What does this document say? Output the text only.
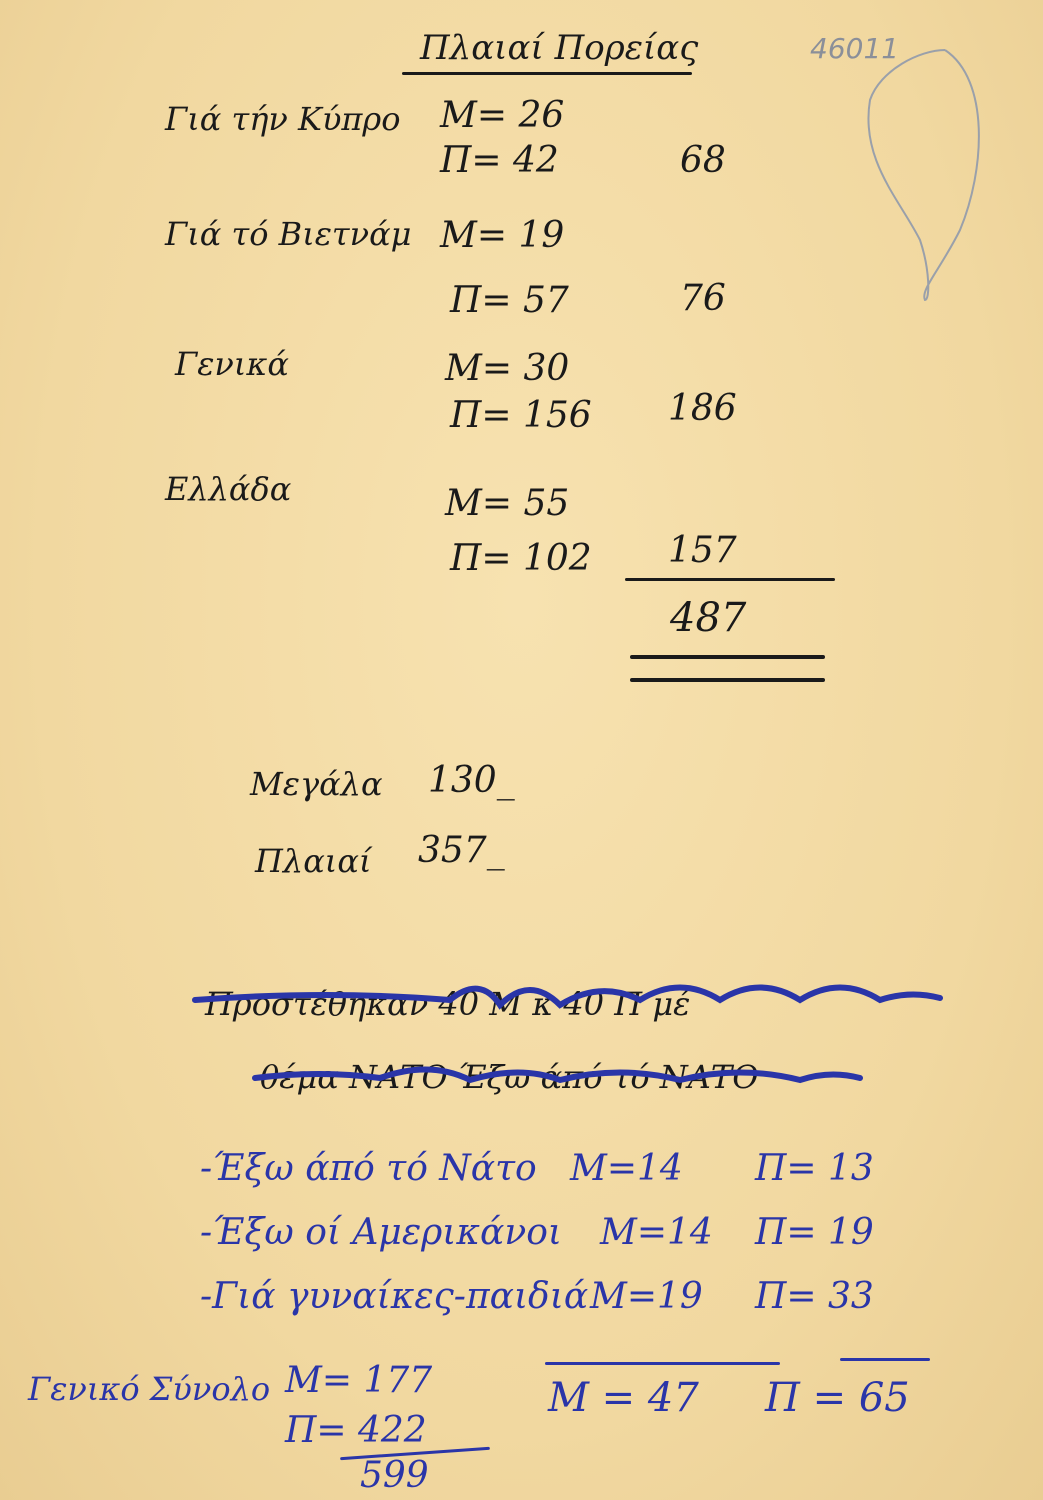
46011
Πλαιαί Πορείας
Γιά τήν Κύπρο Μ= 26
Π= 42	68
Γιά τό Βιετνάμ Μ= 19
Π= 57	76
Γενικά	Μ= 30
Π= 156 186
Ελλάδα	Μ= 55
Π= 102 157
487
Μεγάλα 130_
Πλαιαί 357_
Προστέθηκαν 40 Μ κ 40 Π μέ
θέμα ΝΑΤΟ Έξω άπό τό ΝΑΤΟ
-Έξω άπό τό Νάτο Μ=14 Π= 13
-Έξω οί Αμερικάνοι Μ=14 Π= 19
-Γιά γυναίκες-παιδιά Μ=19 Π= 33
Μ = 47 Π = 65
Γενικό Σύνολο Μ= 177
Π= 422
599
